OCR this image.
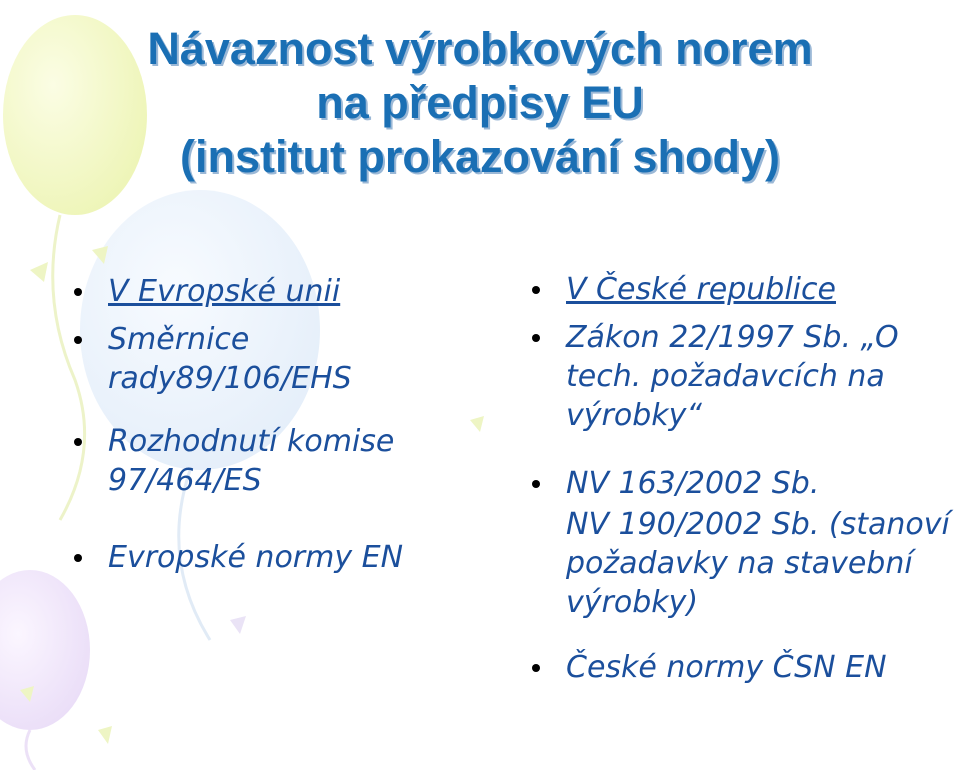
Návaznost výrobkových norem
na předpisy EU
(institut prokazování shody)
V Evropské unii
Směrnice rady89/106/EHS
Rozhodnutí komise 97/464/ES
Evropské normy EN
V České republice
Zákon 22/1997 Sb. „O tech. požadavcích na výrobky“
NV 163/2002 Sb.
NV 190/2002 Sb. (stanoví požadavky na stavební výrobky)
České normy ČSN EN
